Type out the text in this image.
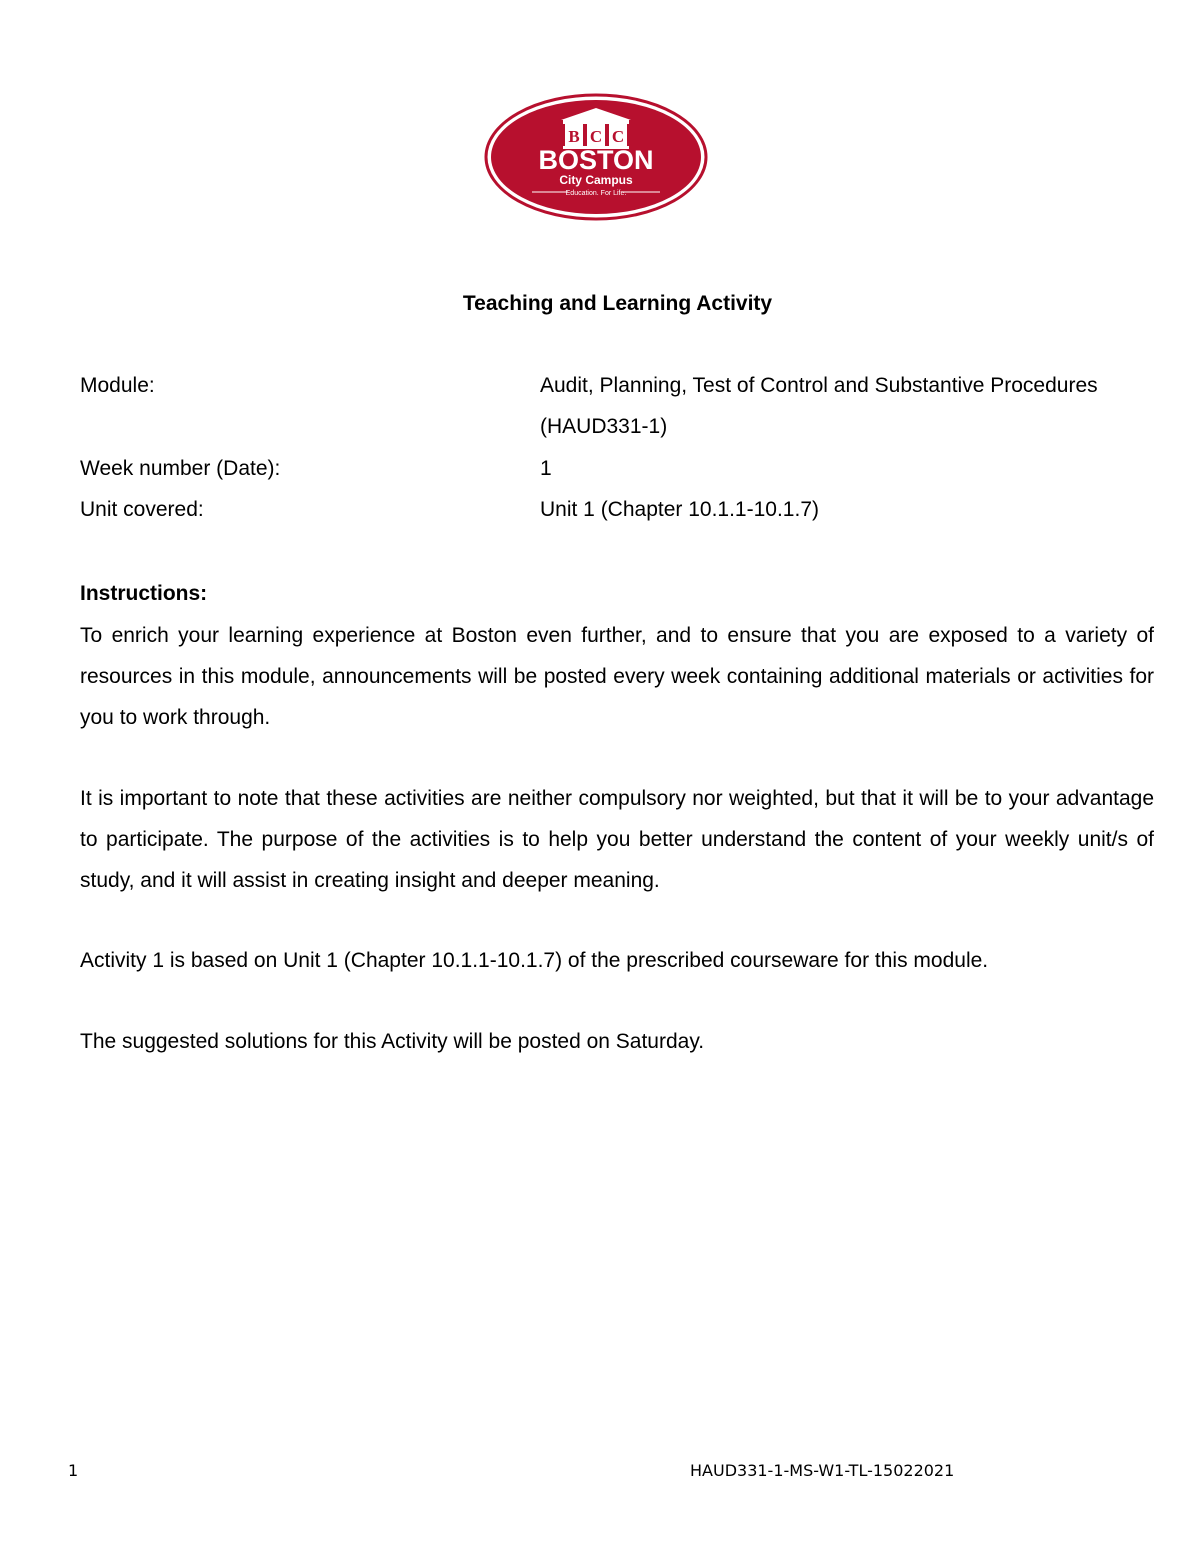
B C C
BOSTON
City Campus
Education. For Life.
Teaching and Learning Activity
Module:	Audit, Planning, Test of Control and Substantive Procedures (HAUD331-1)
Week number (Date):	1
Unit covered:	Unit 1 (Chapter 10.1.1-10.1.7)
Instructions:

To enrich your learning experience at Boston even further, and to ensure that you are exposed to a variety of resources in this module, announcements will be posted every week containing additional materials or activities for you to work through.

It is important to note that these activities are neither compulsory nor weighted, but that it will be to your advantage to participate. The purpose of the activities is to help you better understand the content of your weekly unit/s of study, and it will assist in creating insight and deeper meaning.

Activity 1 is based on Unit 1 (Chapter 10.1.1-10.1.7) of the prescribed courseware for this module.

The suggested solutions for this Activity will be posted on Saturday.

1	HAUD331-1-MS-W1-TL-15022021
